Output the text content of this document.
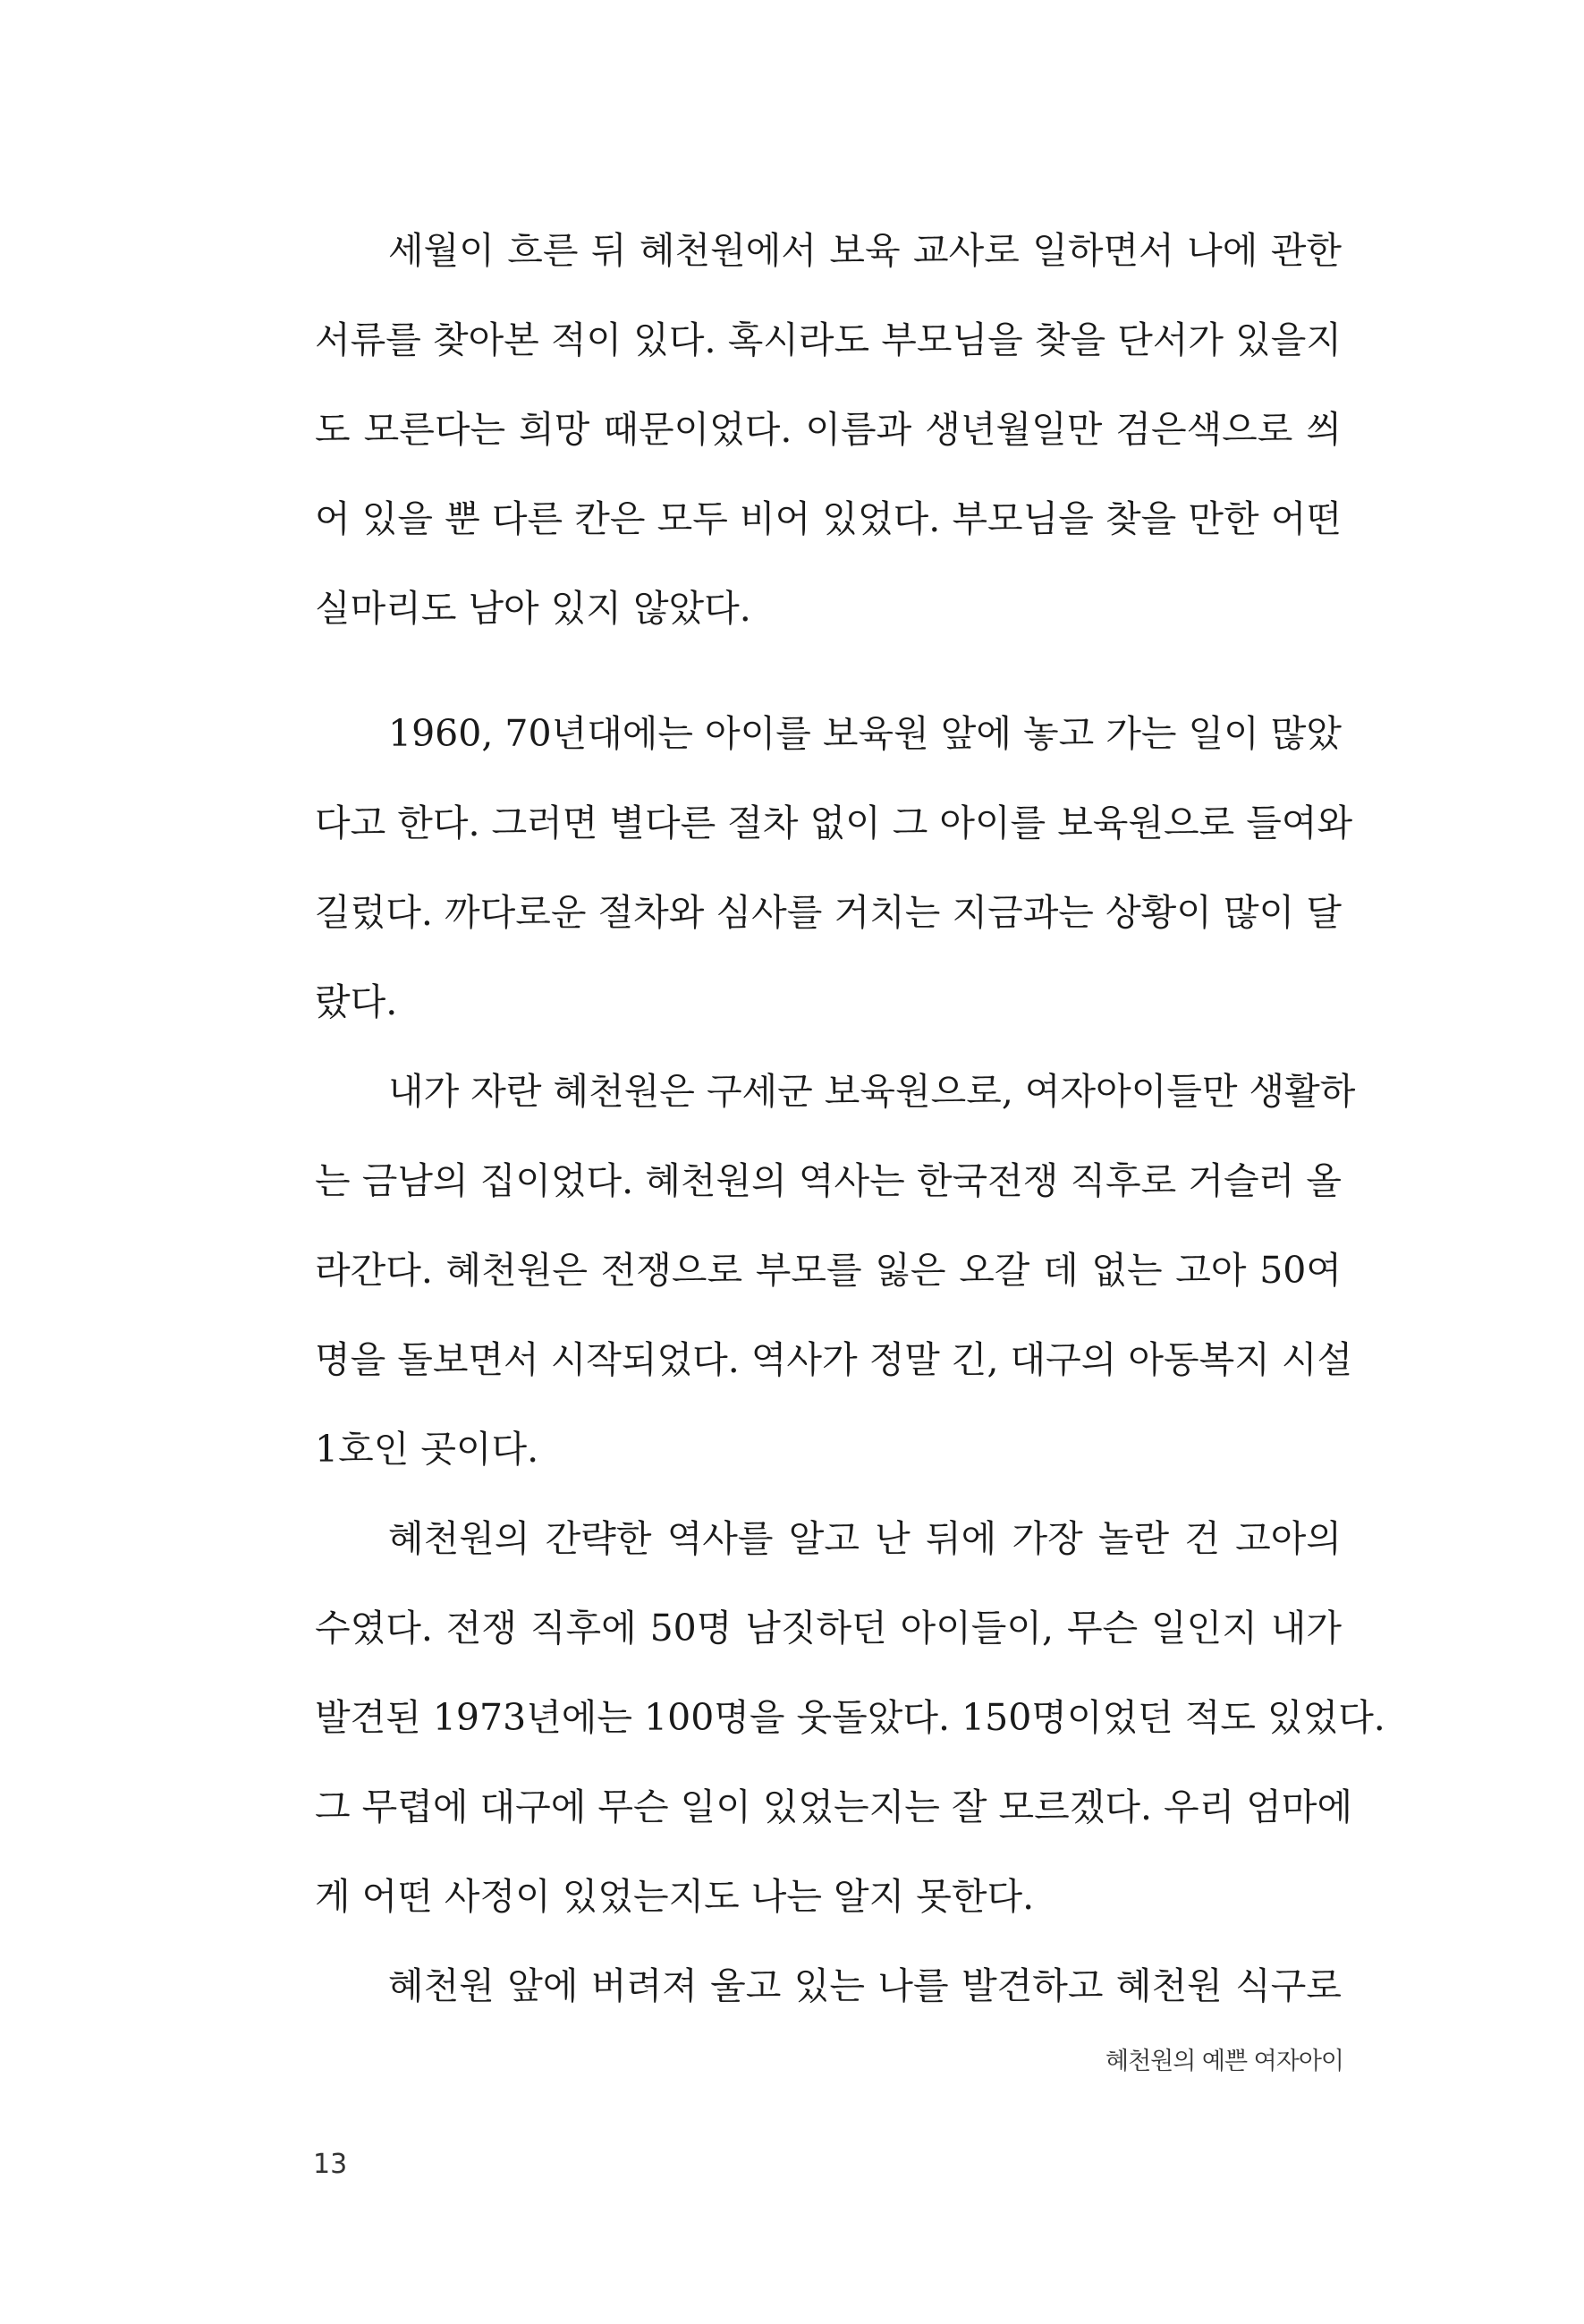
세월이 흐른 뒤 혜천원에서 보육 교사로 일하면서 나에 관한
서류를 찾아본 적이 있다. 혹시라도 부모님을 찾을 단서가 있을지
도 모른다는 희망 때문이었다. 이름과 생년월일만 검은색으로 씌
어 있을 뿐 다른 칸은 모두 비어 있었다. 부모님을 찾을 만한 어떤
실마리도 남아 있지 않았다.
1960, 70년대에는 아이를 보육원 앞에 놓고 가는 일이 많았
다고 한다. 그러면 별다른 절차 없이 그 아이를 보육원으로 들여와
길렀다. 까다로운 절차와 심사를 거치는 지금과는 상황이 많이 달
랐다.
내가 자란 혜천원은 구세군 보육원으로, 여자아이들만 생활하
는 금남의 집이었다. 혜천원의 역사는 한국전쟁 직후로 거슬러 올
라간다. 혜천원은 전쟁으로 부모를 잃은 오갈 데 없는 고아 50여
명을 돌보면서 시작되었다. 역사가 정말 긴, 대구의 아동복지 시설
1호인 곳이다.
혜천원의 간략한 역사를 알고 난 뒤에 가장 놀란 건 고아의
수였다. 전쟁 직후에 50명 남짓하던 아이들이, 무슨 일인지 내가
발견된 1973년에는 100명을 웃돌았다. 150명이었던 적도 있었다.
그 무렵에 대구에 무슨 일이 있었는지는 잘 모르겠다. 우리 엄마에
게 어떤 사정이 있었는지도 나는 알지 못한다.
혜천원 앞에 버려져 울고 있는 나를 발견하고 혜천원 식구로
혜천원의 예쁜 여자아이
13
